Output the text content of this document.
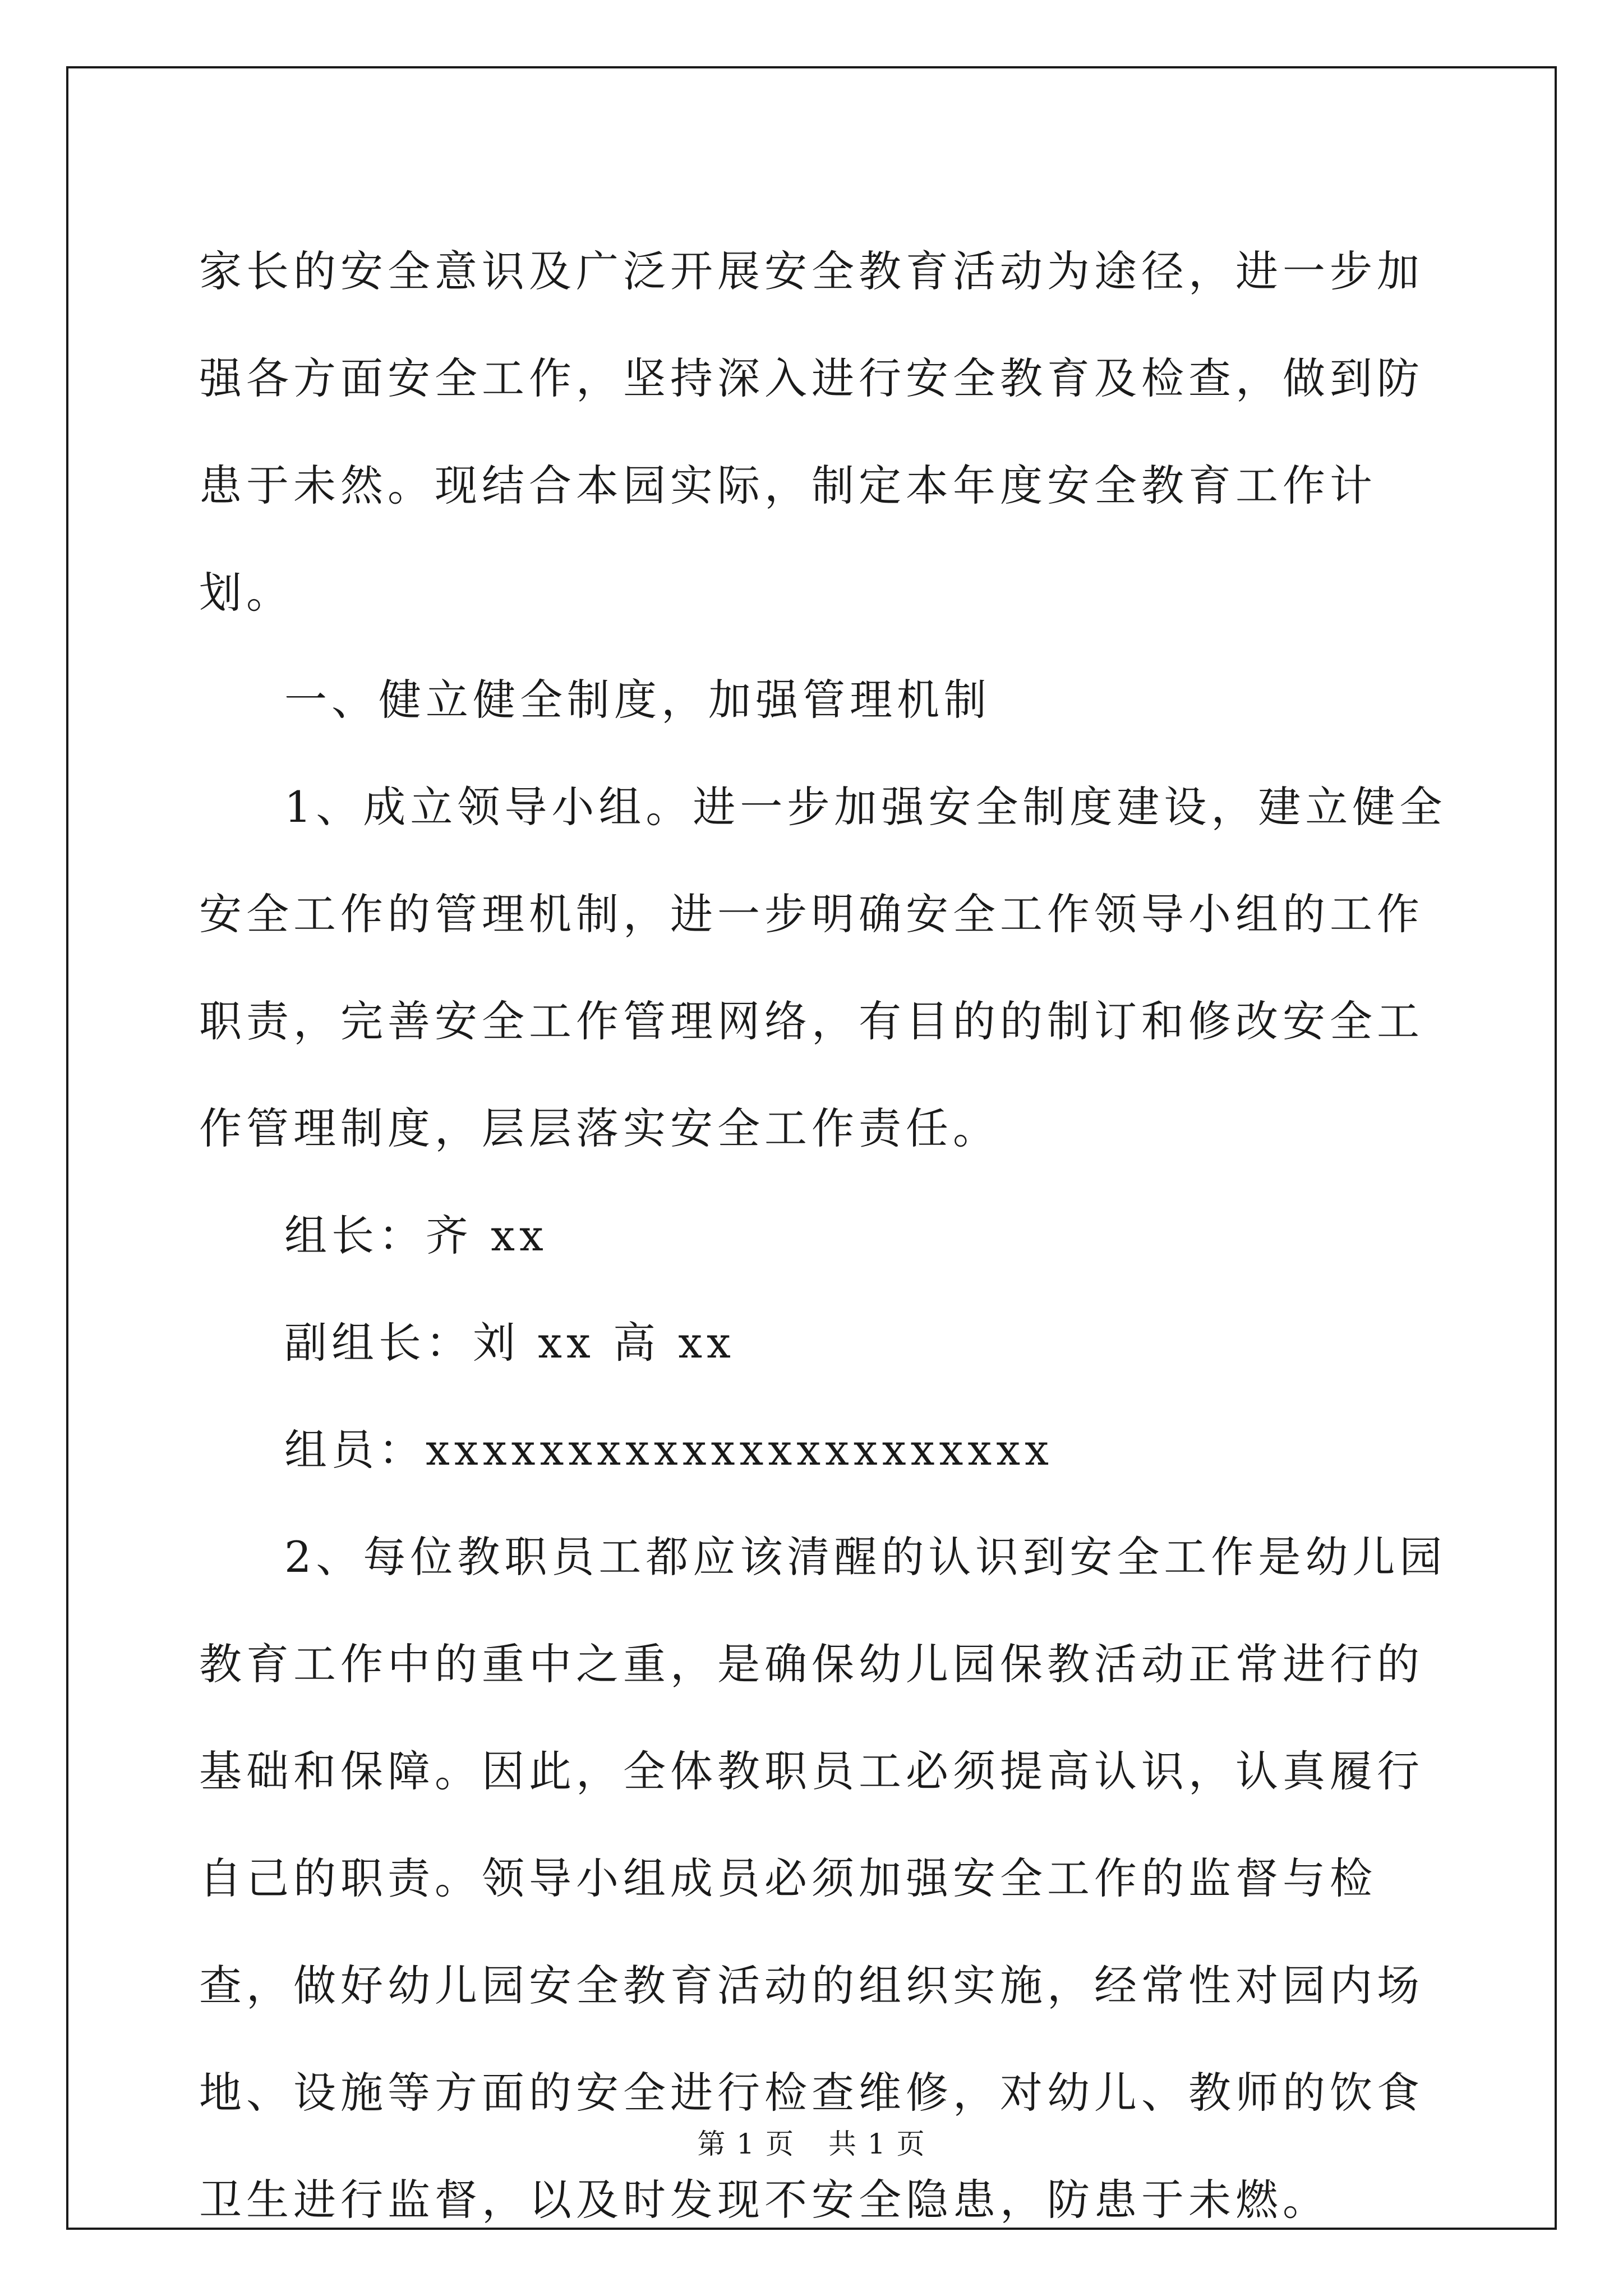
家长的安全意识及广泛开展安全教育活动为途径，进一步加强各方面安全工作，坚持深入进行安全教育及检查，做到防患于未然。现结合本园实际，制定本年度安全教育工作计划。

一、健立健全制度，加强管理机制

1、成立领导小组。进一步加强安全制度建设，建立健全安全工作的管理机制，进一步明确安全工作领导小组的工作职责，完善安全工作管理网络，有目的的制订和修改安全工作管理制度，层层落实安全工作责任。

组长：齐 xx

副组长：刘 xx 高 xx

组员：xxxxxxxxxxxxxxxxxxxxxx

2、每位教职员工都应该清醒的认识到安全工作是幼儿园教育工作中的重中之重，是确保幼儿园保教活动正常进行的基础和保障。因此，全体教职员工必须提高认识，认真履行自己的职责。领导小组成员必须加强安全工作的监督与检查，做好幼儿园安全教育活动的组织实施，经常性对园内场地、设施等方面的安全进行检查维修，对幼儿、教师的饮食卫生进行监督，以及时发现不安全隐患，防患于未燃。

第 1 页 共 1 页
